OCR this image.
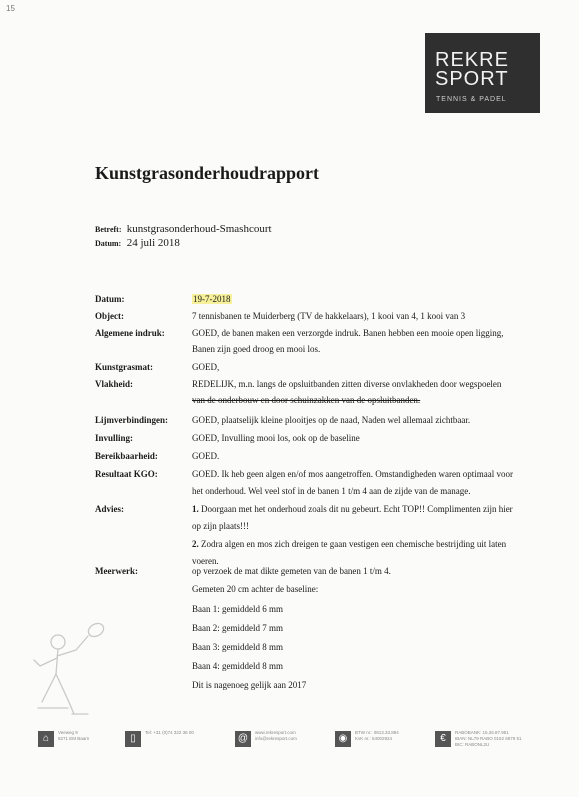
15
REKRE
SPORT
TENNIS & PADEL
Kunstgrasonderhoudrapport
Betreft: kunstgrasonderhoud-Smashcourt
Datum: 24 juli 2018
Datum:	19-7-2018
Object:	7 tennisbanen te Muiderberg (TV de hakkelaars), 1 kooi van 4, 1 kooi van 3
Algemene indruk:	GOED, de banen maken een verzorgde indruk. Banen hebben een mooie open ligging,
Banen zijn goed droog en mooi los.
Kunstgrasmat:	GOED,
Vlakheid:	REDELIJK, m.n. langs de opsluitbanden zitten diverse onvlakheden door wegspoelen
van de onderbouw en door schuinzakken van de opsluitbanden.
Lijmverbindingen:	GOED, plaatselijk kleine plooitjes op de naad, Naden wel allemaal zichtbaar.
Invulling:	GOED, Invulling mooi los, ook op de baseline
Bereikbaarheid:	GOED.
Resultaat KGO:	GOED. Ik heb geen algen en/of mos aangetroffen. Omstandigheden waren optimaal voor
het onderhoud. Wel veel stof in de banen 1 t/m 4 aan de zijde van de manage.
Advies:	1. Doorgaan met het onderhoud zoals dit nu gebeurt. Echt TOP!! Complimenten zijn hier
op zijn plaats!!!
2. Zodra algen en mos zich dreigen te gaan vestigen een chemische bestrijding uit laten
voeren.
Meerwerk:	op verzoek de mat dikte gemeten van de banen 1 t/m 4.
Gemeten 20 cm achter de baseline:
Baan 1: gemiddeld 6 mm
Baan 2: gemiddeld 7 mm
Baan 3: gemiddeld 8 mm
Baan 4: gemiddeld 8 mm
Dit is nagenoeg gelijk aan 2017
⌂
Veeweg 9
8271 EM Baarn	▯
Tel: +31 (0)74 322 36 00
@
www.rekresport.com
info@rekresport.com	◉
BTW nr.: 0813.33.894
KvK nr.: 54002924	€
RABOBANK: 15.26.87.951
IBAN: NL79 RABO 0152 6879 51
BIC: RABONL2U
